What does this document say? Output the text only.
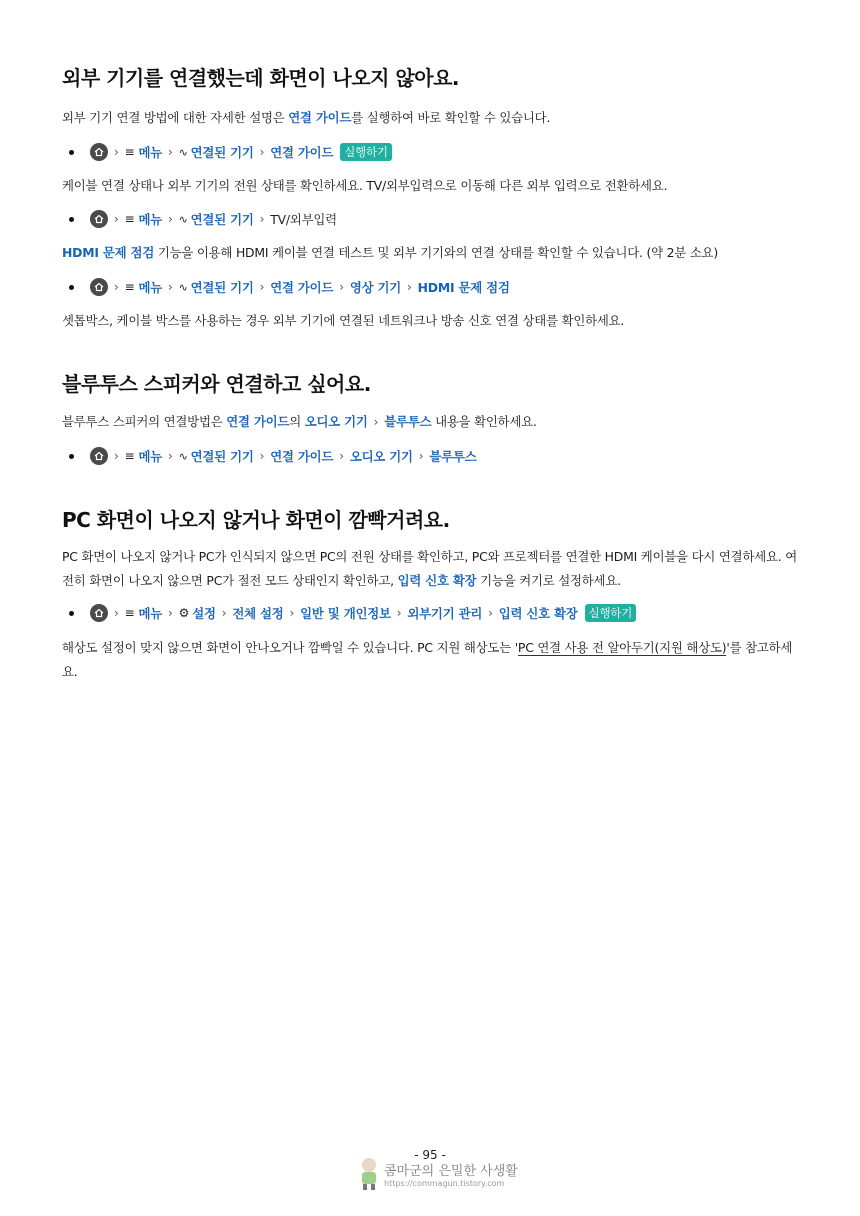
외부 기기를 연결했는데 화면이 나오지 않아요.

외부 기기 연결 방법에 대한 자세한 설명은 연결 가이드를 실행하여 바로 확인할 수 있습니다.

› ≡ 메뉴 › ∿ 연결된 기기 › 연결 가이드 실행하기

케이블 연결 상태나 외부 기기의 전원 상태를 확인하세요. TV/외부입력으로 이동해 다른 외부 입력으로 전환하세요.

› ≡ 메뉴 › ∿ 연결된 기기 › TV/외부입력

HDMI 문제 점검 기능을 이용해 HDMI 케이블 연결 테스트 및 외부 기기와의 연결 상태를 확인할 수 있습니다. (약 2분 소요)

› ≡ 메뉴 › ∿ 연결된 기기 › 연결 가이드 › 영상 기기 › HDMI 문제 점검

셋톱박스, 케이블 박스를 사용하는 경우 외부 기기에 연결된 네트워크나 방송 신호 연결 상태를 확인하세요.

블루투스 스피커와 연결하고 싶어요.

블루투스 스피커의 연결방법은 연결 가이드의 오디오 기기 › 블루투스 내용을 확인하세요.

› ≡ 메뉴 › ∿ 연결된 기기 › 연결 가이드 › 오디오 기기 › 블루투스
PC 화면이 나오지 않거나 화면이 깜빡거려요.

PC 화면이 나오지 않거나 PC가 인식되지 않으면 PC의 전원 상태를 확인하고, PC와 프로젝터를 연결한 HDMI 케이블을 다시 연결하세요. 여전히 화면이 나오지 않으면 PC가 절전 모드 상태인지 확인하고, 입력 신호 확장 기능을 켜기로 설정하세요.

› ≡ 메뉴 › ⚙ 설정 › 전체 설정 › 일반 및 개인정보 › 외부기기 관리 › 입력 신호 확장 실행하기

해상도 설정이 맞지 않으면 화면이 안나오거나 깜빡일 수 있습니다. PC 지원 해상도는 'PC 연결 사용 전 알아두기(지원 해상도)'를 참고하세요.

- 95 -
콤마군의 은밀한 사생활
https://commagun.tistory.com
